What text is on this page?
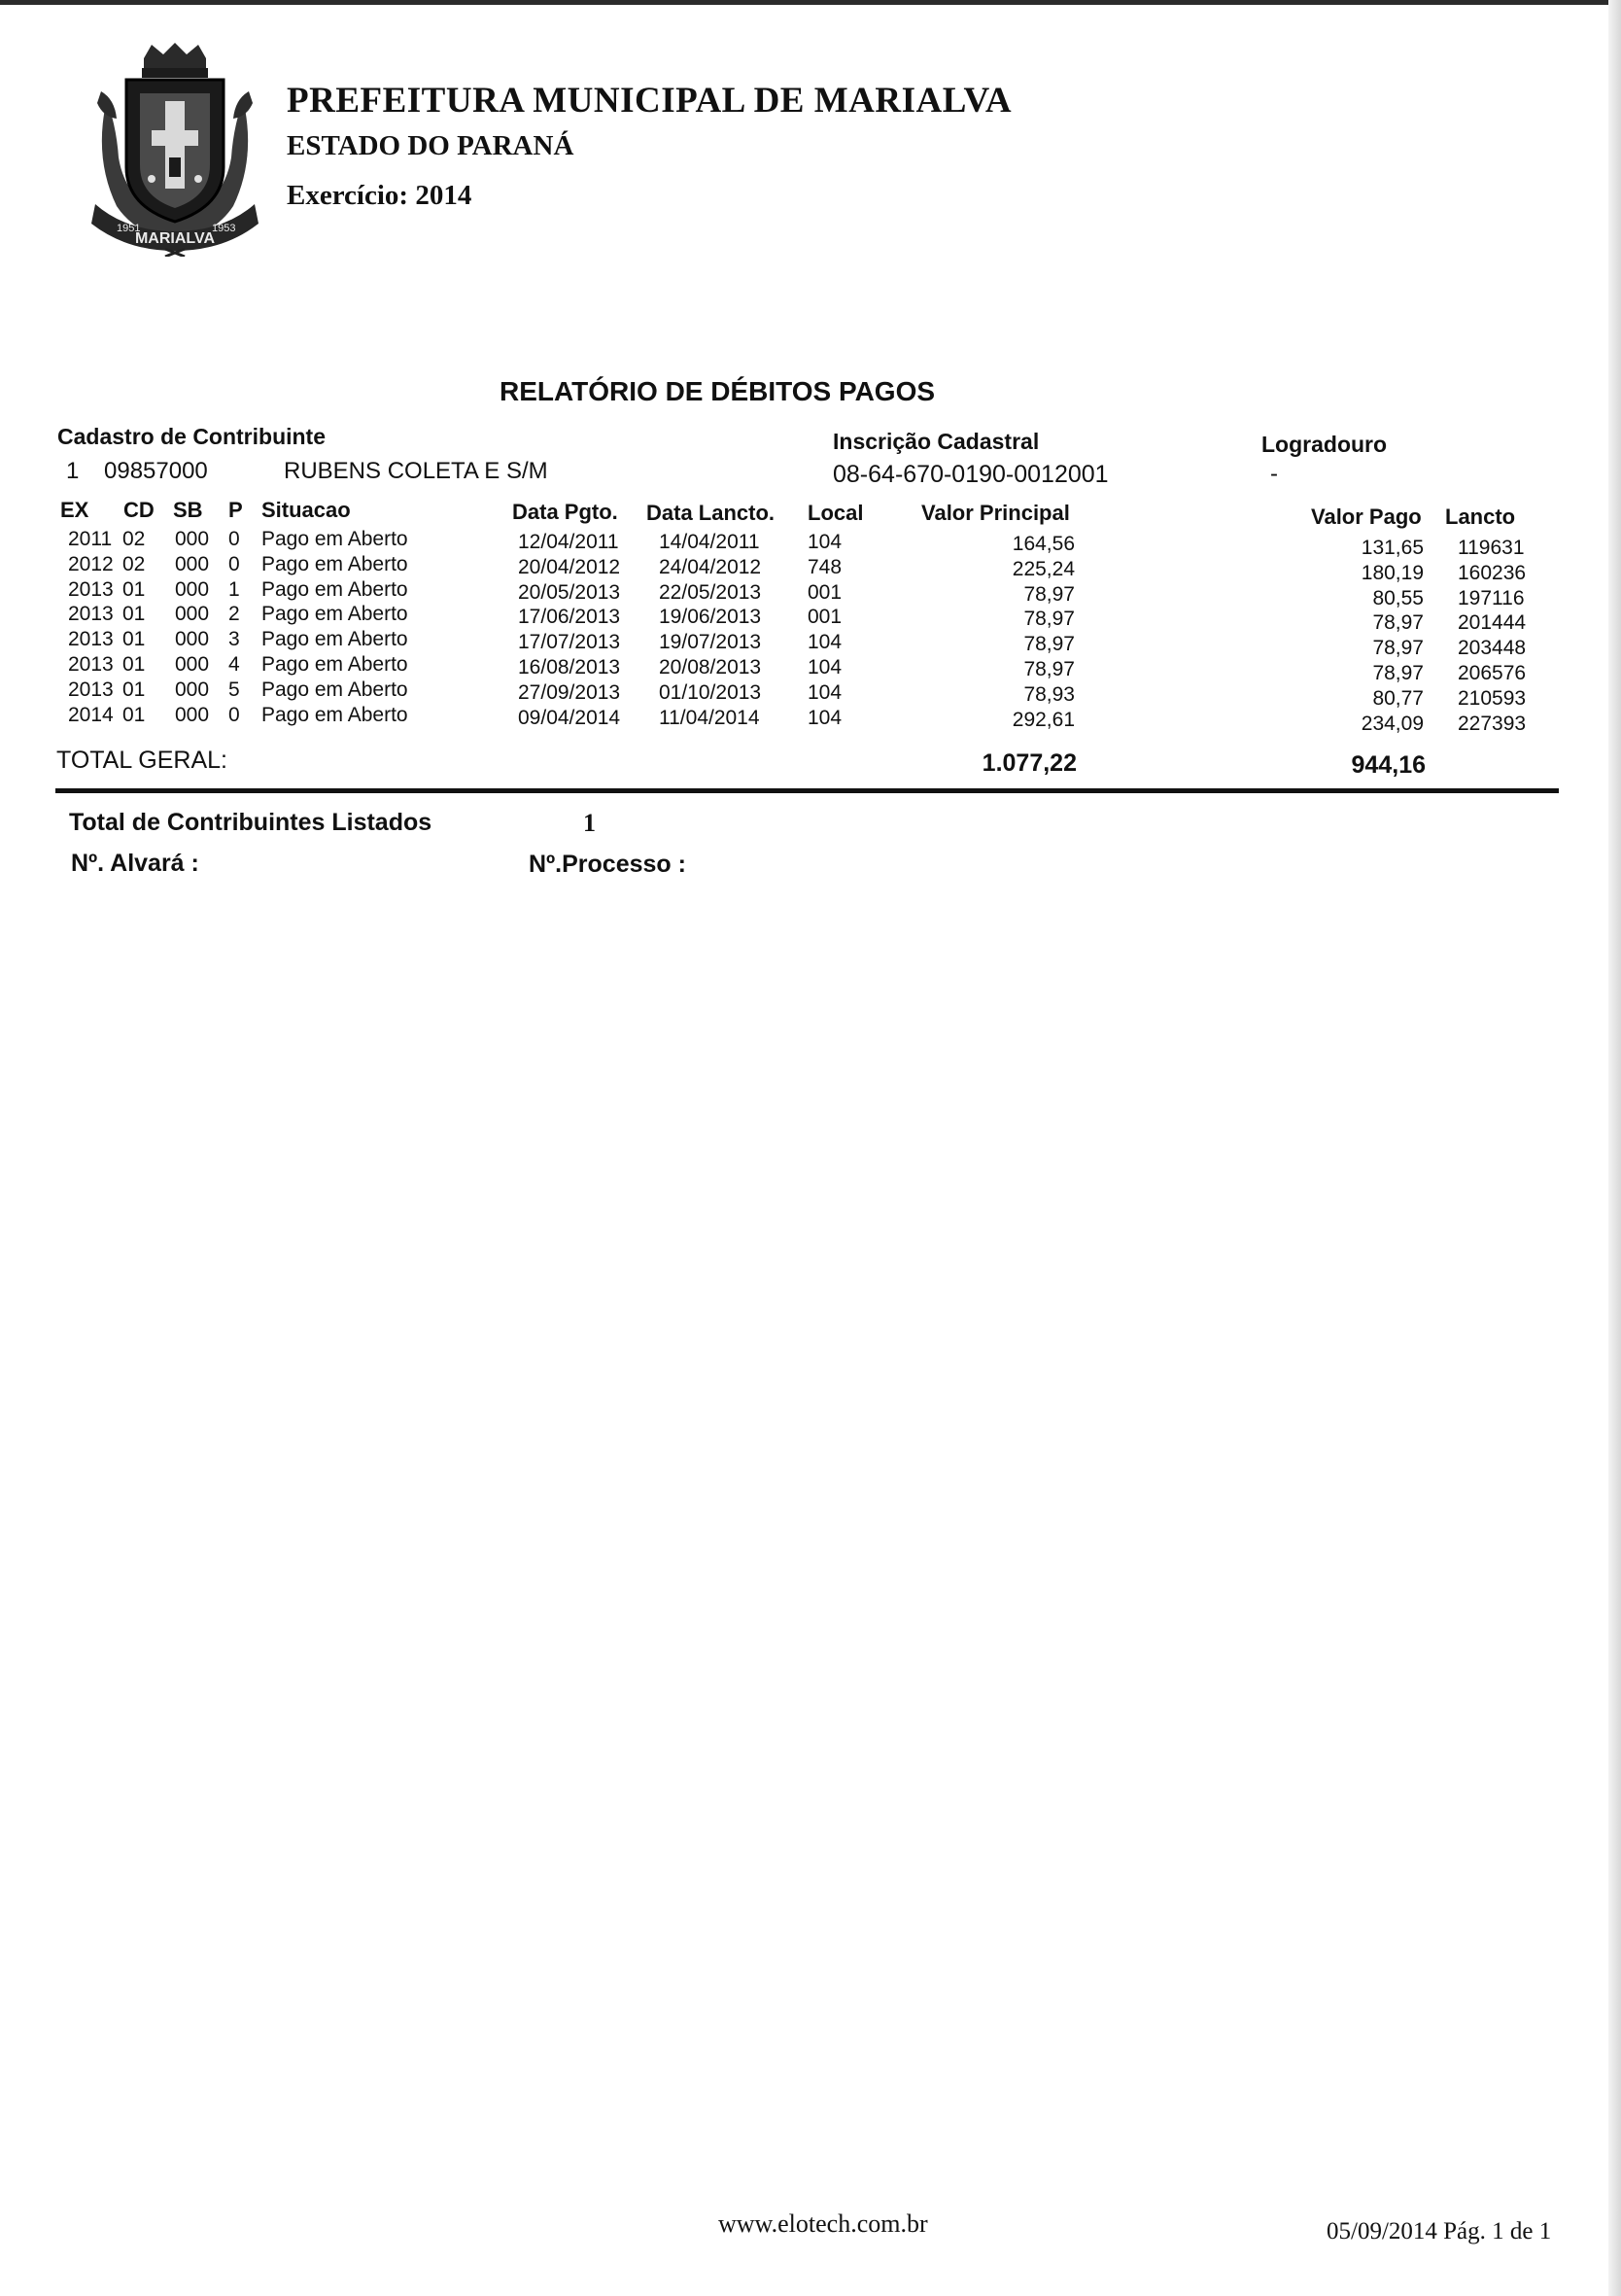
MARIALVA
1951	1953
PREFEITURA MUNICIPAL DE MARIALVA
ESTADO DO PARANÁ
Exercício: 2014
RELATÓRIO DE DÉBITOS PAGOS
Cadastro de Contribuinte
1 09857000	RUBENS COLETA E S/M
Inscrição Cadastral
08-64-670-0190-0012001
Logradouro
-
EX CD SB P Situacao	Data Pgto. Data Lancto. Local	Valor Principal	Valor Pago Lancto
2011 02 000 0 Pago em Aberto	12/04/2011 14/04/2011 104	164,56	131,65 119631
2012 02 000 0 Pago em Aberto	20/04/2012 24/04/2012 748	225,24	180,19 160236
2013 01 000 1 Pago em Aberto	20/05/2013 22/05/2013 001	78,97	80,55 197116
2013 01 000 2 Pago em Aberto	17/06/2013 19/06/2013 001	78,97	78,97 201444
2013 01 000 3 Pago em Aberto	17/07/2013 19/07/2013 104	78,97	78,97 203448
2013 01 000 4 Pago em Aberto	16/08/2013 20/08/2013 104	78,97	78,97 206576
2013 01 000 5 Pago em Aberto	27/09/2013 01/10/2013 104	78,93	80,77 210593
2014 01 000 0 Pago em Aberto	09/04/2014 11/04/2014 104	292,61	234,09 227393
TOTAL GERAL:	1.077,22	944,16
Total de Contribuintes Listados	1
Nº. Alvará :	Nº.Processo :
www.elotech.com.br	05/09/2014 Pág. 1 de 1
